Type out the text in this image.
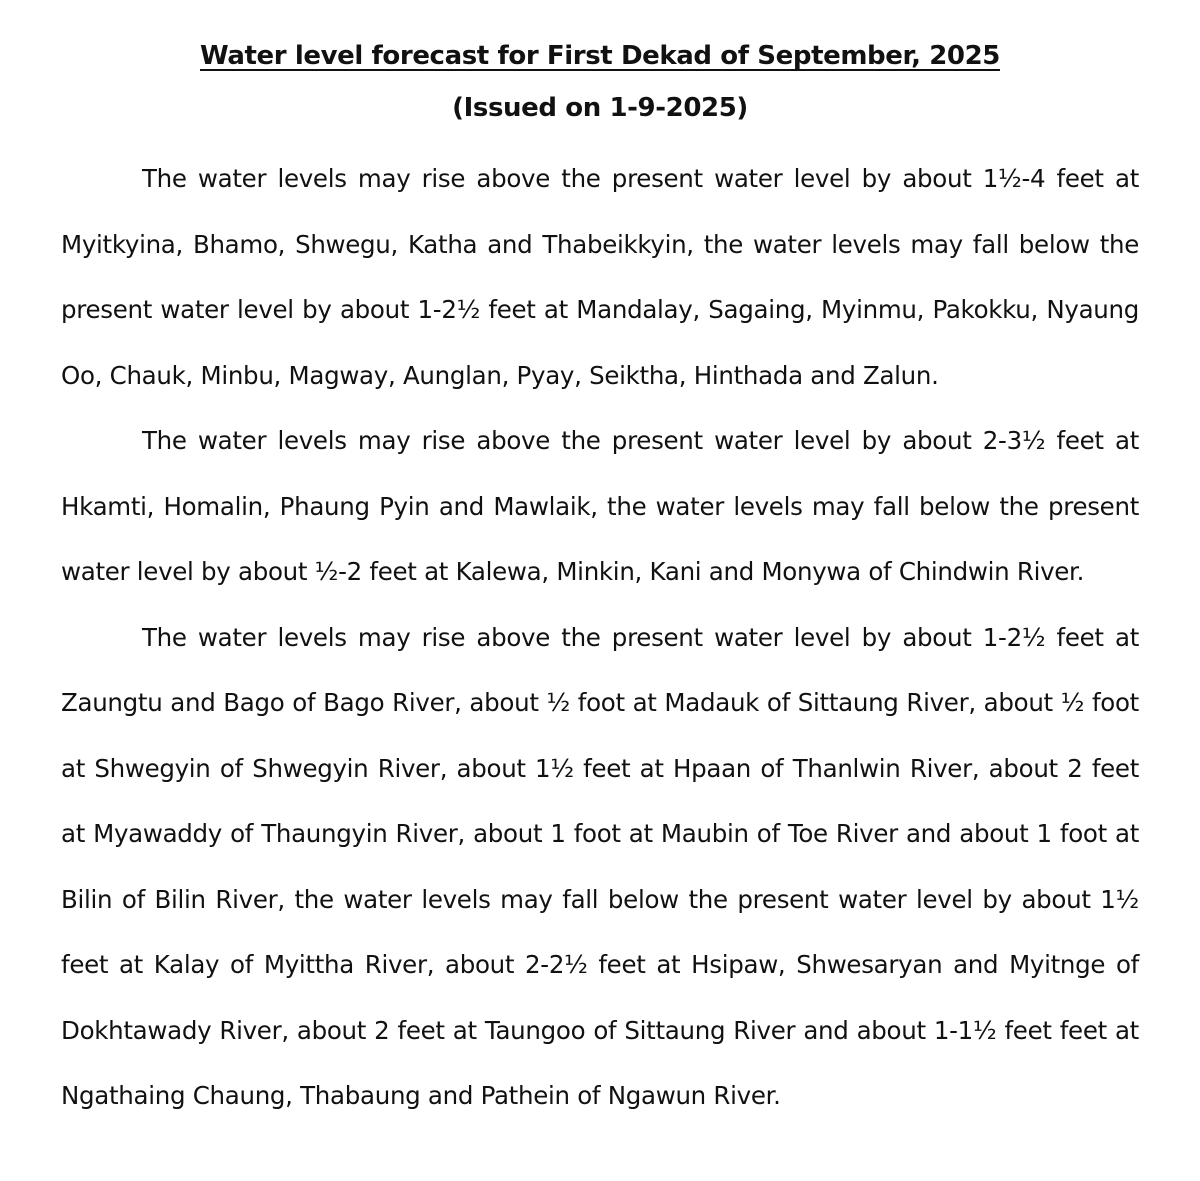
Water level forecast for First Dekad of September, 2025
(Issued on 1-9-2025)

The water levels may rise above the present water level by about 1½-4 feet at Myitkyina, Bhamo, Shwegu, Katha and Thabeikkyin, the water levels may fall below the present water level by about 1-2½ feet at Mandalay, Sagaing, Myinmu, Pakokku, Nyaung Oo, Chauk, Minbu, Magway, Aunglan, Pyay, Seiktha, Hinthada and Zalun.

The water levels may rise above the present water level by about 2-3½ feet at Hkamti, Homalin, Phaung Pyin and Mawlaik, the water levels may fall below the present water level by about ½-2 feet at Kalewa, Minkin, Kani and Monywa of Chindwin River.

The water levels may rise above the present water level by about 1-2½ feet at Zaungtu and Bago of Bago River, about ½ foot at Madauk of Sittaung River, about ½ foot at Shwegyin of Shwegyin River, about 1½ feet at Hpaan of Thanlwin River, about 2 feet at Myawaddy of Thaungyin River, about 1 foot at Maubin of Toe River and about 1 foot at Bilin of Bilin River, the water levels may fall below the present water level by about 1½ feet at Kalay of Myittha River, about 2-2½ feet at Hsipaw, Shwesaryan and Myitnge of Dokhtawady River, about 2 feet at Taungoo of Sittaung River and about 1-1½ feet feet at Ngathaing Chaung, Thabaung and Pathein of Ngawun River.
